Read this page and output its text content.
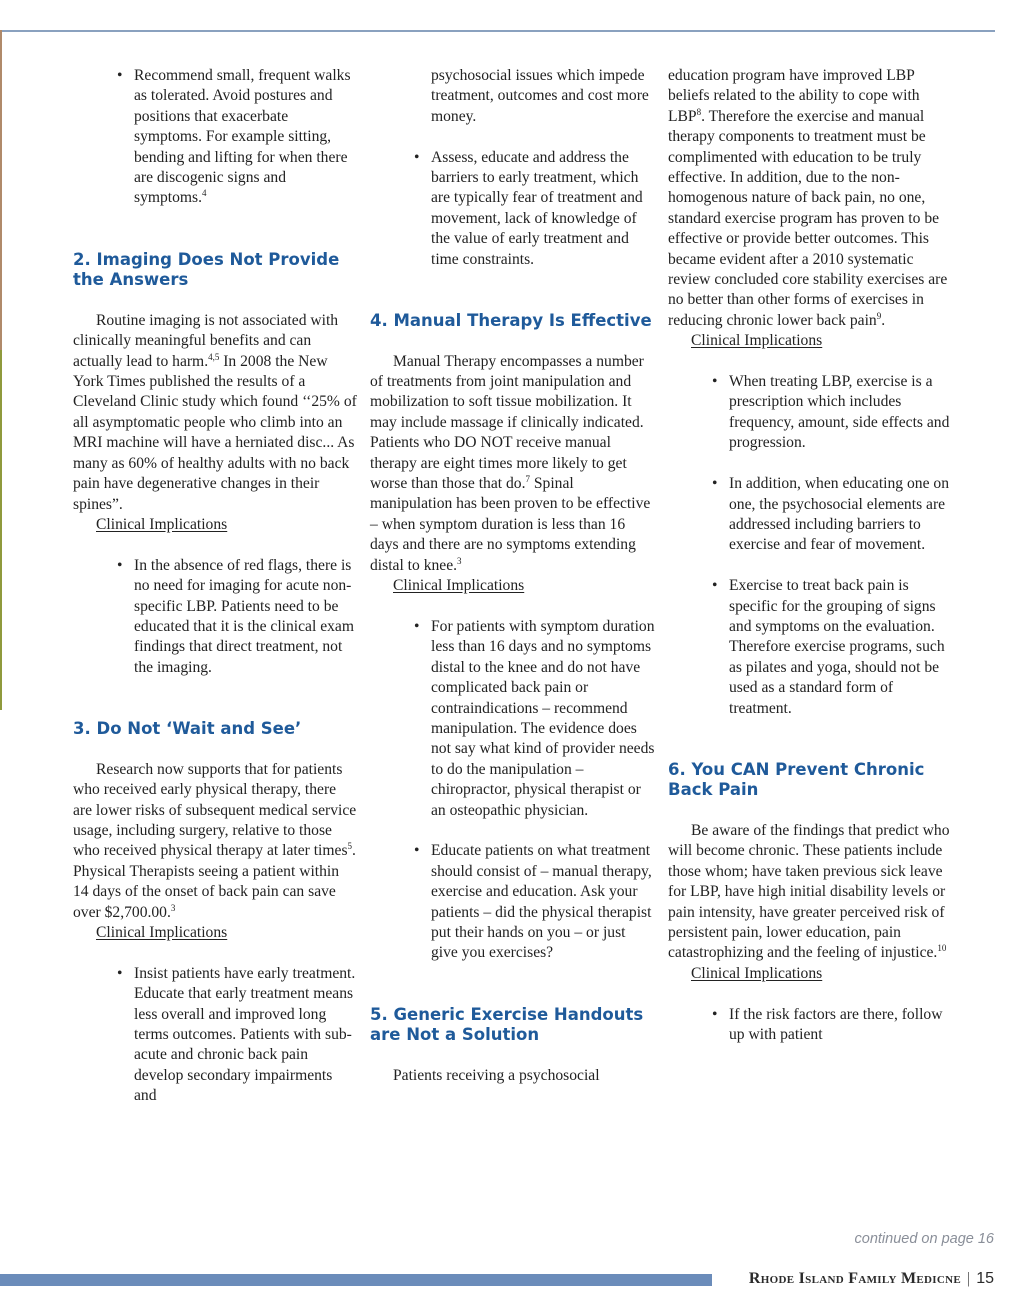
• Recommend small, frequent walks as tolerated. Avoid postures and positions that exacerbate symptoms. For example sitting, bending and lifting for when there are discogenic signs and symptoms.$^4$
2. Imaging Does Not Provide the Answers

Routine imaging is not associated with clinically meaningful benefits and can actually lead to harm.$^{4,5}$ In 2008 the New York Times published the results of a Cleveland Clinic study which found ‘‘25% of all asymptomatic people who climb into an MRI machine will have a herniated disc... As many as 60% of healthy adults with no back pain have degenerative changes in their spines”.

Clinical Implications
• In the absence of red flags, there is no need for imaging for acute non-specific LBP. Patients need to be educated that it is the clinical exam findings that direct treatment, not the imaging.
3. Do Not ‘Wait and See’

Research now supports that for patients who received early physical therapy, there are lower risks of subsequent medical service usage, including surgery, relative to those who received physical therapy at later times$^5$. Physical Therapists seeing a patient within 14 days of the onset of back pain can save over $2,700.00.$^3$

Clinical Implications
• Insist patients have early treatment. Educate that early treatment means less overall and improved long terms outcomes. Patients with sub-acute and chronic back pain develop secondary impairments and
psychosocial issues which impede treatment, outcomes and cost more money.
• Assess, educate and address the barriers to early treatment, which are typically fear of treatment and movement, lack of knowledge of the value of early treatment and time constraints.
4. Manual Therapy Is Effective

Manual Therapy encompasses a number of treatments from joint manipulation and mobilization to soft tissue mobilization. It may include massage if clinically indicated. Patients who DO NOT receive manual therapy are eight times more likely to get worse than those that do.$^7$ Spinal manipulation has been proven to be effective – when symptom duration is less than 16 days and there are no symptoms extending distal to knee.$^3$

Clinical Implications
• For patients with symptom duration less than 16 days and no symptoms distal to the knee and do not have complicated back pain or contraindications – recommend manipulation. The evidence does not say what kind of provider needs to do the manipulation – chiropractor, physical therapist or an osteopathic physician.
• Educate patients on what treatment should consist of – manual therapy, exercise and education. Ask your patients – did the physical therapist put their hands on you – or just give you exercises?
5. Generic Exercise Handouts are Not a Solution

Patients receiving a psychosocial

education program have improved LBP beliefs related to the ability to cope with LBP$^8$. Therefore the exercise and manual therapy components to treatment must be complimented with education to be truly effective. In addition, due to the non-homogenous nature of back pain, no one, standard exercise program has proven to be effective or provide better outcomes. This became evident after a 2010 systematic review concluded core stability exercises are no better than other forms of exercises in reducing chronic lower back pain$^9$.

Clinical Implications
• When treating LBP, exercise is a prescription which includes frequency, amount, side effects and progression.
• In addition, when educating one on one, the psychosocial elements are addressed including barriers to exercise and fear of movement.
• Exercise to treat back pain is specific for the grouping of signs and symptoms on the evaluation. Therefore exercise programs, such as pilates and yoga, should not be used as a standard form of treatment.
6. You CAN Prevent Chronic Back Pain

Be aware of the findings that predict who will become chronic. These patients include those whom; have taken previous sick leave for LBP, have high initial disability levels or pain intensity, have greater perceived risk of persistent pain, lower education, pain catastrophizing and the feeling of injustice.$^{10}$

Clinical Implications
• If the risk factors are there, follow up with patient
continued on page 16
Rhode Island Family Medicne | 15
